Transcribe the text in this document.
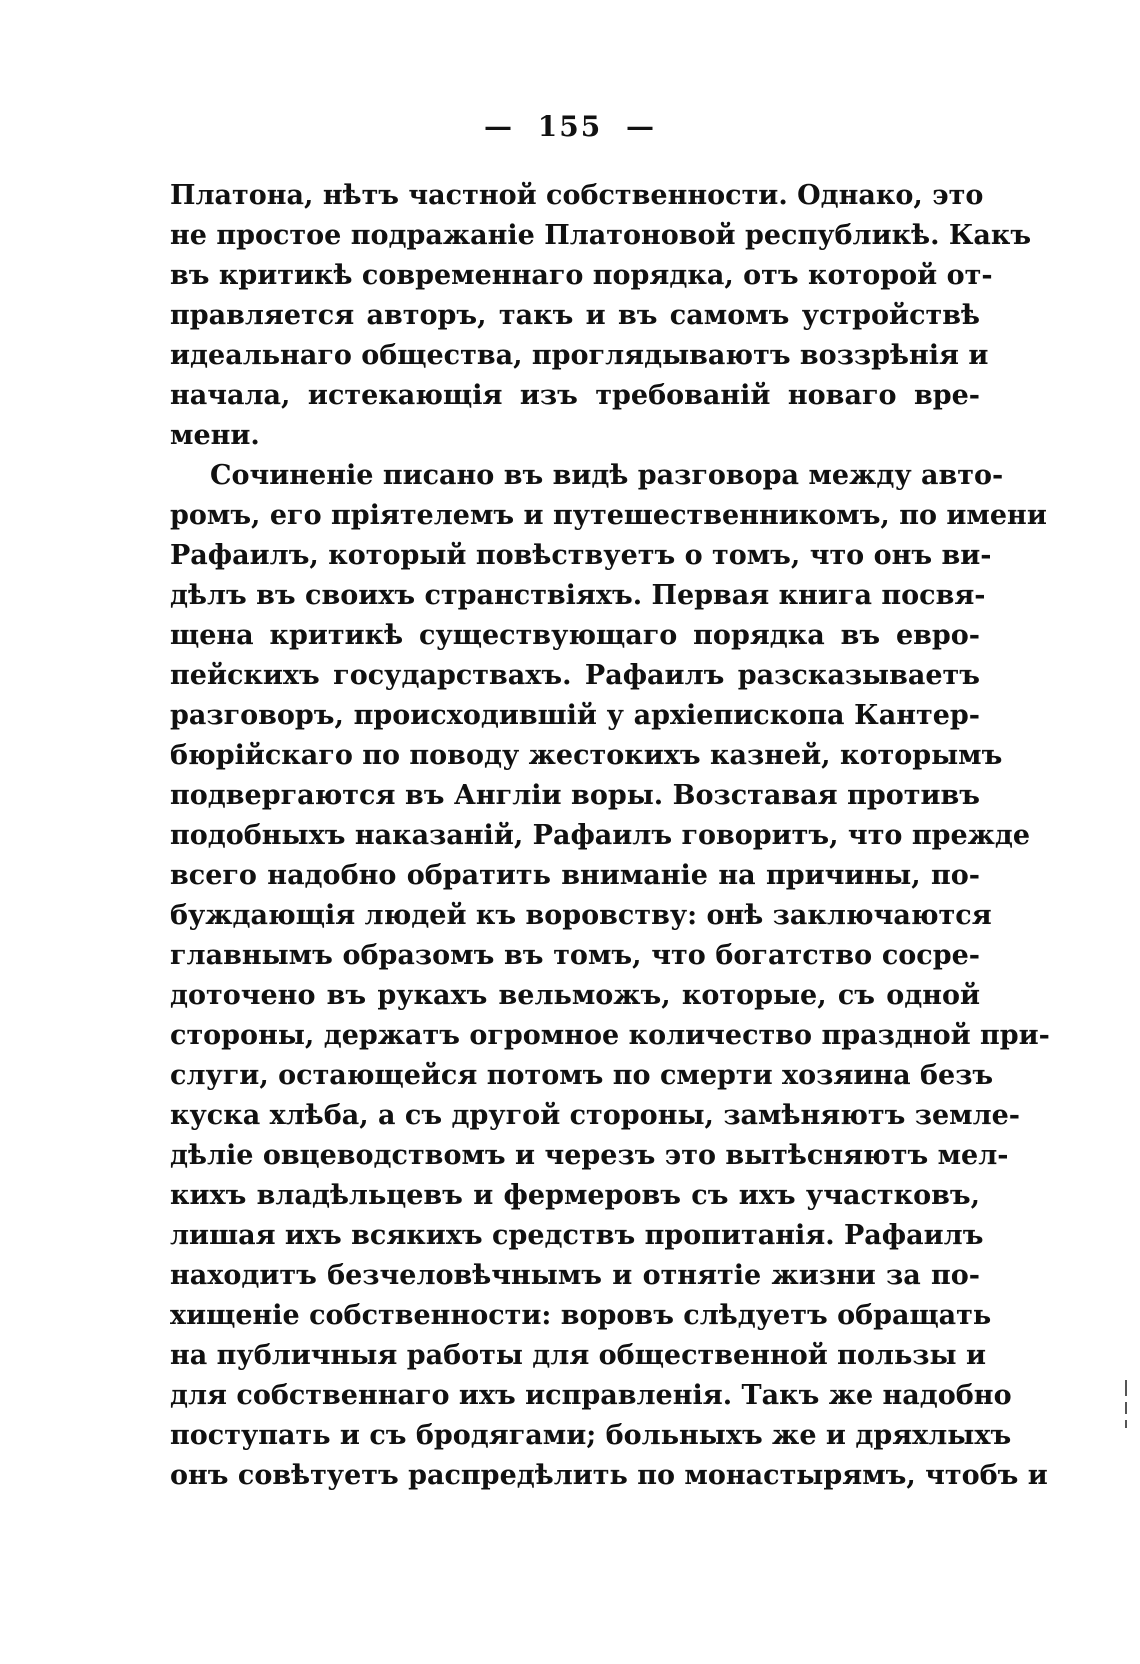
— 155 —
Платона, нѣтъ частной собственности. Однако, это
не простое подражаніе Платоновой республикѣ. Какъ
въ критикѣ современнаго порядка, отъ которой от-
правляется авторъ, такъ и въ самомъ устройствѣ
идеальнаго общества, проглядываютъ воззрѣнія и
начала, истекающія изъ требованій новаго вре-
мени.
Сочиненіе писано въ видѣ разговора между авто-
ромъ, его пріятелемъ и путешественникомъ, по имени
Рафаилъ, который повѣствуетъ о томъ, что онъ ви-
дѣлъ въ своихъ странствіяхъ. Первая книга посвя-
щена критикѣ существующаго порядка въ евро-
пейскихъ государствахъ. Рафаилъ разсказываетъ
разговоръ, происходившій у архіепископа Кантер-
бюрійскаго по поводу жестокихъ казней, которымъ
подвергаются въ Англіи воры. Возставая противъ
подобныхъ наказаній, Рафаилъ говоритъ, что прежде
всего надобно обратить вниманіе на причины, по-
буждающія людей къ воровству: онѣ заключаются
главнымъ образомъ въ томъ, что богатство сосре-
доточено въ рукахъ вельможъ, которые, съ одной
стороны, держатъ огромное количество праздной при-
слуги, остающейся потомъ по смерти хозяина безъ
куска хлѣба, а съ другой стороны, замѣняютъ земле-
дѣліе овцеводствомъ и черезъ это вытѣсняютъ мел-
кихъ владѣльцевъ и фермеровъ съ ихъ участковъ,
лишая ихъ всякихъ средствъ пропитанія. Рафаилъ
находитъ безчеловѣчнымъ и отнятіе жизни за по-
хищеніе собственности: воровъ слѣдуетъ обращать
на публичныя работы для общественной пользы и
для собственнаго ихъ исправленія. Такъ же надобно
поступать и съ бродягами; больныхъ же и дряхлыхъ
онъ совѣтуетъ распредѣлить по монастырямъ, чтобъ и
